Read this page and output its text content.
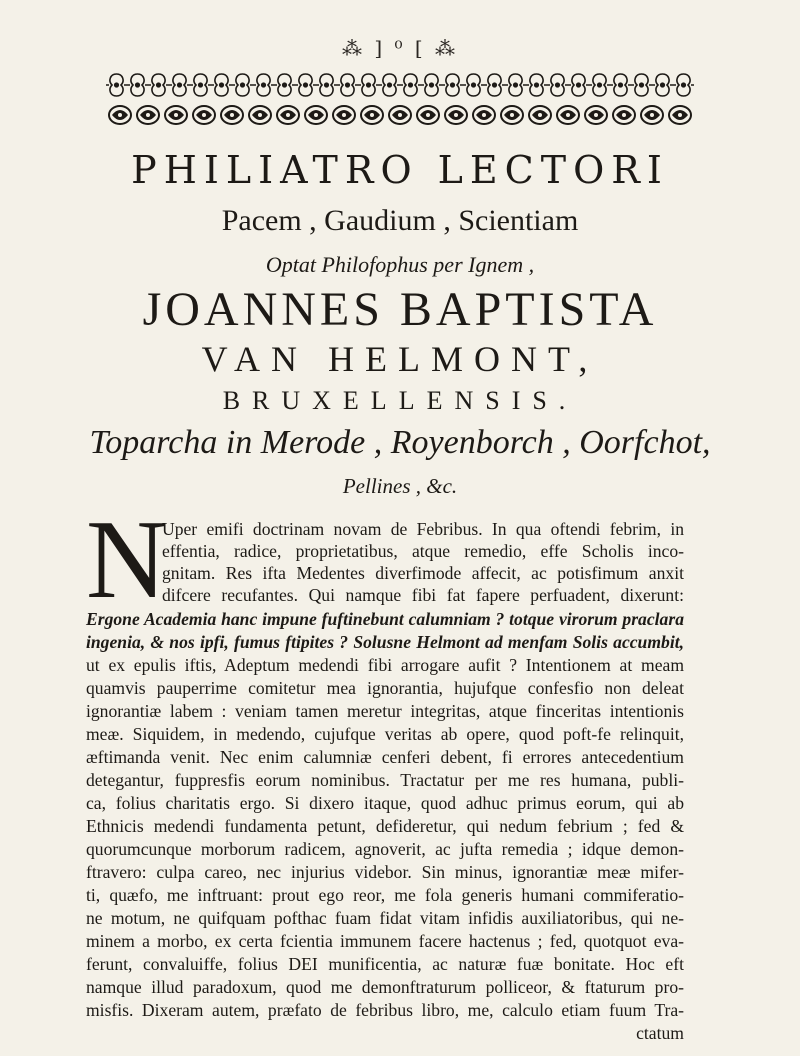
⁂ ] ⁰ [ ⁂
PHILIATRO LECTORI
Pacem , Gaudium , Scientiam
Optat Philofophus per Ignem ,
JOANNES BAPTISTA
VAN HELMONT,
BRUXELLENSIS.
Toparcha in Merode , Royenborch , Oorfchot,
Pellines , &c.
N
Uper emifi doctrinam novam de Febribus. In qua oftendi febrim, in
effentia, radice, proprietatibus, atque remedio, effe Scholis inco-
gnitam. Res ifta Medentes diverfimode affecit, ac potisfimum anxit
difcere recufantes. Qui namque fibi fat fapere perfuadent, dixerunt:
Ergone Academia hanc impune fuftinebunt calumniam ? totque virorum praclara
ingenia, & nos ipfi, fumus ftipites ? Solusne Helmont ad menfam Solis accumbit,
ut ex epulis iftis, Adeptum medendi fibi arrogare aufit ? Intentionem at meam
quamvis pauperrime comitetur mea ignorantia, hujufque confesfio non deleat
ignorantiæ labem : veniam tamen meretur integritas, atque finceritas intentionis
meæ. Siquidem, in medendo, cujufque veritas ab opere, quod poft-fe relinquit,
æftimanda venit. Nec enim calumniæ cenferi debent, fi errores antecedentium
detegantur, fuppresfis eorum nominibus. Tractatur per me res humana, publi-
ca, folius charitatis ergo. Si dixero itaque, quod adhuc primus eorum, qui ab
Ethnicis medendi fundamenta petunt, defideretur, qui nedum febrium ; fed &
quorumcunque morborum radicem, agnoverit, ac jufta remedia ; idque demon-
ftravero: culpa careo, nec injurius videbor. Sin minus, ignorantiæ meæ mifer-
ti, quæfo, me inftruant: prout ego reor, me fola generis humani commiferatio-
ne motum, ne quifquam pofthac fuam fidat vitam infidis auxiliatoribus, qui ne-
minem a morbo, ex certa fcientia immunem facere hactenus ; fed, quotquot eva-
ferunt, convaluiffe, folius DEI munificentia, ac naturæ fuæ bonitate. Hoc eft
namque illud paradoxum, quod me demonftraturum polliceor, & ftaturum pro-
misfis. Dixeram autem, præfato de febribus libro, me, calculo etiam fuum Tra-
ctatum
